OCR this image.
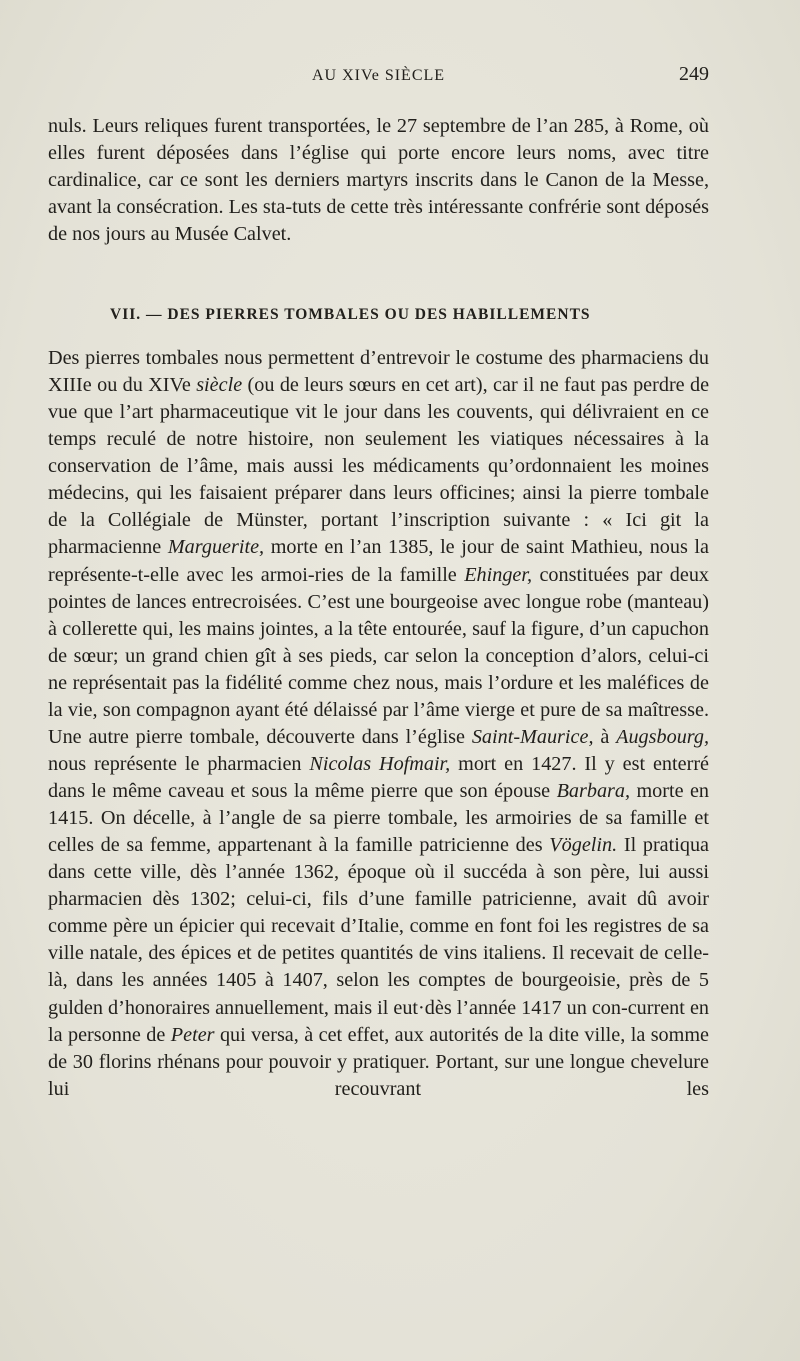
AU XIVe SIÈCLE	249

nuls. Leurs reliques furent transportées, le 27 septembre de l’an 285, à Rome, où elles furent déposées dans l’église qui porte encore leurs noms, avec titre cardinalice, car ce sont les derniers martyrs inscrits dans le Canon de la Messe, avant la consécration. Les sta-tuts de cette très intéressante confrérie sont déposés de nos jours au Musée Calvet.

VII. — DES PIERRES TOMBALES OU DES HABILLEMENTS

Des pierres tombales nous permettent d’entrevoir le costume des pharmaciens du XIIIe ou du XIVe siècle (ou de leurs sœurs en cet art), car il ne faut pas perdre de vue que l’art pharmaceutique vit le jour dans les couvents, qui délivraient en ce temps reculé de notre histoire, non seulement les viatiques nécessaires à la conservation de l’âme, mais aussi les médicaments qu’ordonnaient les moines médecins, qui les faisaient préparer dans leurs officines; ainsi la pierre tombale de la Collégiale de Münster, portant l’inscription suivante : « Ici git la pharmacienne Marguerite, morte en l’an 1385, le jour de saint Mathieu, nous la représente-t-elle avec les armoi-ries de la famille Ehinger, constituées par deux pointes de lances entrecroisées. C’est une bourgeoise avec longue robe (manteau) à collerette qui, les mains jointes, a la tête entourée, sauf la figure, d’un capuchon de sœur; un grand chien gît à ses pieds, car selon la conception d’alors, celui-ci ne représentait pas la fidélité comme chez nous, mais l’ordure et les maléfices de la vie, son compagnon ayant été délaissé par l’âme vierge et pure de sa maîtresse. Une autre pierre tombale, découverte dans l’église Saint-Maurice, à Augsbourg, nous représente le pharmacien Nicolas Hofmair, mort en 1427. Il y est enterré dans le même caveau et sous la même pierre que son épouse Barbara, morte en 1415. On décelle, à l’angle de sa pierre tombale, les armoiries de sa famille et celles de sa femme, appartenant à la famille patricienne des Vögelin. Il pratiqua dans cette ville, dès l’année 1362, époque où il succéda à son père, lui aussi pharmacien dès 1302; celui-ci, fils d’une famille patricienne, avait dû avoir comme père un épicier qui recevait d’Italie, comme en font foi les registres de sa ville natale, des épices et de petites quantités de vins italiens. Il recevait de celle-là, dans les années 1405 à 1407, selon les comptes de bourgeoisie, près de 5 gulden d’honoraires annuellement, mais il eut·dès l’année 1417 un con-current en la personne de Peter qui versa, à cet effet, aux autorités de la dite ville, la somme de 30 florins rhénans pour pouvoir y pratiquer. Portant, sur une longue chevelure lui recouvrant les
